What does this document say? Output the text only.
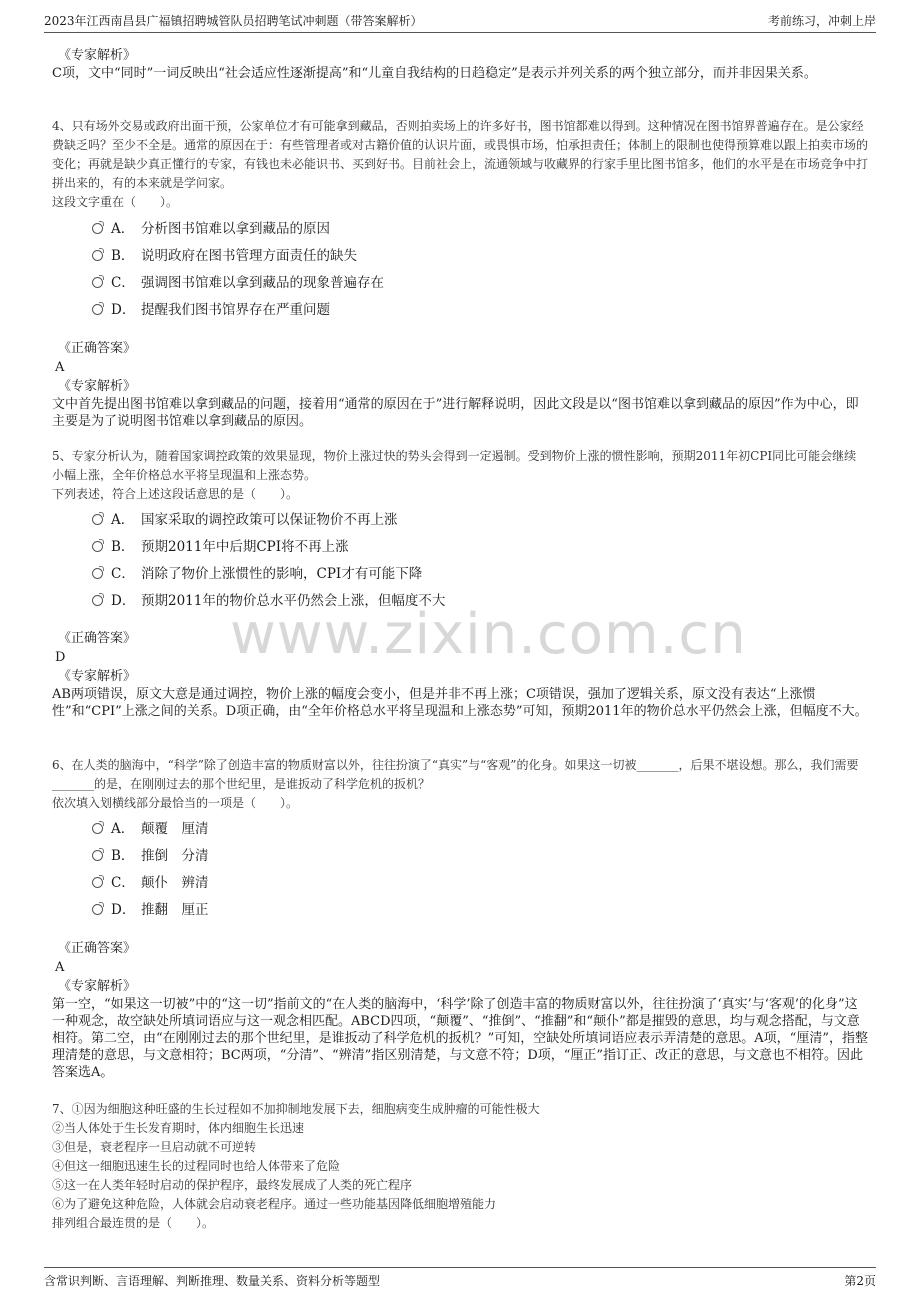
2023年江西南昌县广福镇招聘城管队员招聘笔试冲刺题（带答案解析）	考前练习，冲刺上岸
www.zixin.com.cn

《专家解析》

C项，文中“同时”一词反映出“社会适应性逐渐提高”和“儿童自我结构的日趋稳定”是表示并列关系的两个独立部分，而并非因果关系。

4、只有场外交易或政府出面干预，公家单位才有可能拿到藏品，否则拍卖场上的许多好书，图书馆都难以得到。这种情况在图书馆界普遍存在。是公家经费缺乏吗？至少不全是。通常的原因在于：有些管理者或对古籍价值的认识片面，或畏惧市场，怕承担责任；体制上的限制也使得预算难以跟上拍卖市场的变化；再就是缺少真正懂行的专家，有钱也未必能识书、买到好书。目前社会上，流通领域与收藏界的行家手里比图书馆多，他们的水平是在市场竞争中打拼出来的，有的本来就是学问家。

这段文字重在（　　）。

A． 分析图书馆难以拿到藏品的原因
B． 说明政府在图书管理方面责任的缺失
C． 强调图书馆难以拿到藏品的现象普遍存在
D． 提醒我们图书馆界存在严重问题

《正确答案》

A

《专家解析》

文中首先提出图书馆难以拿到藏品的问题，接着用“通常的原因在于”进行解释说明，因此文段是以“图书馆难以拿到藏品的原因”作为中心，即主要是为了说明图书馆难以拿到藏品的原因。

5、专家分析认为，随着国家调控政策的效果显现，物价上涨过快的势头会得到一定遏制。受到物价上涨的惯性影响，预期2011年初CPI同比可能会继续小幅上涨，全年价格总水平将呈现温和上涨态势。

下列表述，符合上述这段话意思的是（　　）。

A． 国家采取的调控政策可以保证物价不再上涨
B． 预期2011年中后期CPI将不再上涨
C． 消除了物价上涨惯性的影响，CPI才有可能下降
D． 预期2011年的物价总水平仍然会上涨，但幅度不大

《正确答案》

D

《专家解析》

AB两项错误，原文大意是通过调控，物价上涨的幅度会变小，但是并非不再上涨；C项错误，强加了逻辑关系，原文没有表达“上涨惯性”和“CPI”上涨之间的关系。D项正确，由“全年价格总水平将呈现温和上涨态势”可知，预期2011年的物价总水平仍然会上涨，但幅度不大。

6、在人类的脑海中，“科学”除了创造丰富的物质财富以外，往往扮演了“真实”与“客观”的化身。如果这一切被_______，后果不堪设想。那么，我们需要_______的是，在刚刚过去的那个世纪里，是谁扳动了科学危机的扳机？

依次填入划横线部分最恰当的一项是（　　）。

A． 颠覆　厘清
B． 推倒　分清
C． 颠仆　辨清
D． 推翻　厘正

《正确答案》

A

《专家解析》

第一空，“如果这一切被”中的“这一切”指前文的“在人类的脑海中，‘科学’除了创造丰富的物质财富以外，往往扮演了‘真实’与‘客观’的化身”这一种观念，故空缺处所填词语应与这一观念相匹配。ABCD四项，“颠覆”、“推倒”、“推翻”和“颠仆”都是摧毁的意思，均与观念搭配，与文意相符。第二空，由“在刚刚过去的那个世纪里，是谁扳动了科学危机的扳机？”可知，空缺处所填词语应表示弄清楚的意思。A项，“厘清”，指整理清楚的意思，与文意相符；BC两项，“分清”、“辨清”指区别清楚，与文意不符；D项，“厘正”指订正、改正的意思，与文意也不相符。因此答案选A。

7、①因为细胞这种旺盛的生长过程如不加抑制地发展下去，细胞病变生成肿瘤的可能性极大

②当人体处于生长发育期时，体内细胞生长迅速

③但是，衰老程序一旦启动就不可逆转

④但这一细胞迅速生长的过程同时也给人体带来了危险

⑤这一在人类年轻时启动的保护程序，最终发展成了人类的死亡程序

⑥为了避免这种危险，人体就会启动衰老程序。通过一些功能基因降低细胞增殖能力

排列组合最连贯的是（　　）。

含常识判断、言语理解、判断推理、数量关系、资料分析等题型	第2页
